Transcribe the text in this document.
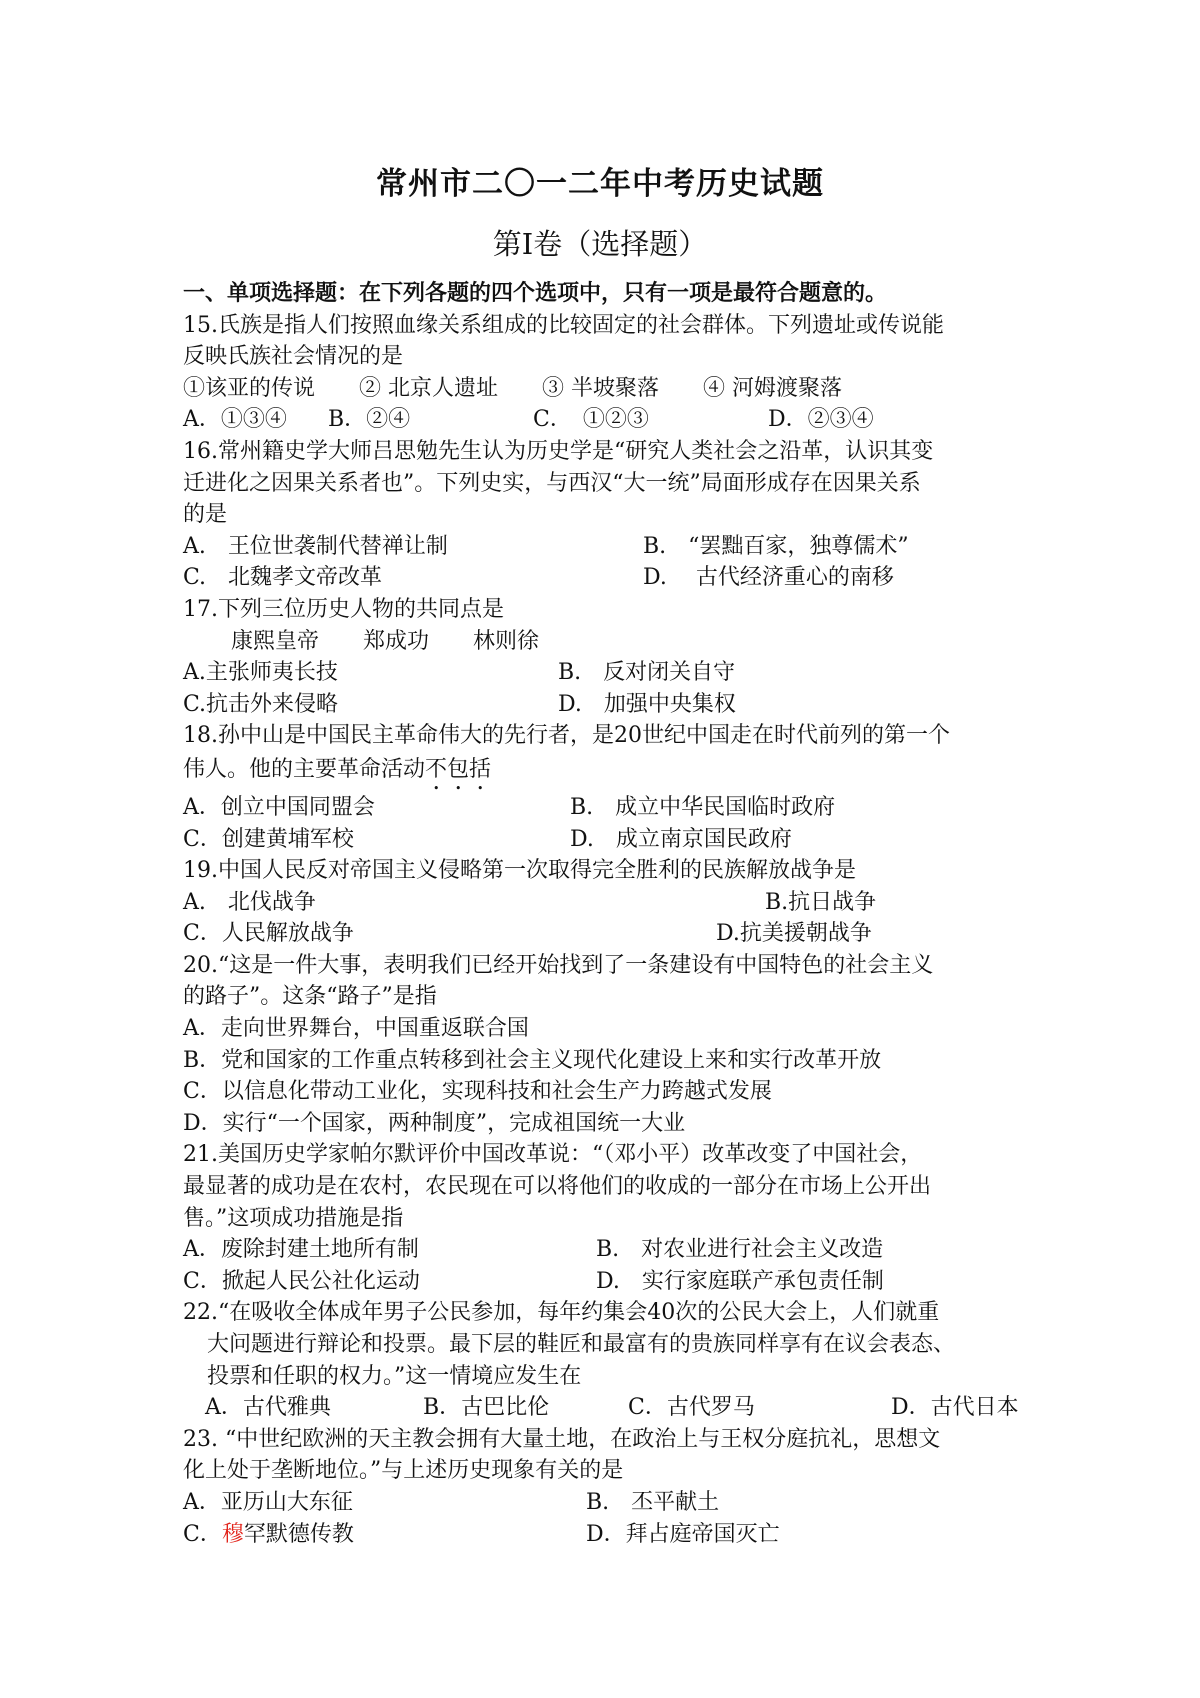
常州市二〇一二年中考历史试题
第Ⅰ卷（选择题）
一、单项选择题：在下列各题的四个选项中，只有一项是最符合题意的。
15.氏族是指人们按照血缘关系组成的比较固定的社会群体。下列遗址或传说能
反映氏族社会情况的是
①该亚的传说　　② 北京人遗址　　③ 半坡聚落　　④ 河姆渡聚落
A．①③④ B．②④	C．　①②③	D．②③④
16.常州籍史学大师吕思勉先生认为历史学是“研究人类社会之沿革，认识其变
迁进化之因果关系者也”。下列史实，与西汉“大一统”局面形成存在因果关系
的是
A.　王位世袭制代替禅让制	B.　“罢黜百家，独尊儒术”
C.　北魏孝文帝改革	D.　 古代经济重心的南移
17.下列三位历史人物的共同点是
康熙皇帝　　郑成功　　林则徐
A.主张师夷长技	B.　反对闭关自守
C.抗击外来侵略	D.　加强中央集权
18.孙中山是中国民主革命伟大的先行者，是20世纪中国走在时代前列的第一个
伟人。他的主要革命活动不包括
A．创立中国同盟会	B.　成立中华民国临时政府
C．创建黄埔军校	D.　成立南京国民政府
19.中国人民反对帝国主义侵略第一次取得完全胜利的民族解放战争是
A.　北伐战争	B.抗日战争
C．人民解放战争	D.抗美援朝战争
20.“这是一件大事，表明我们已经开始找到了一条建设有中国特色的社会主义
的路子”。这条“路子”是指
A．走向世界舞台，中国重返联合国
B．党和国家的工作重点转移到社会主义现代化建设上来和实行改革开放
C．以信息化带动工业化，实现科技和社会生产力跨越式发展
D．实行“一个国家，两种制度”，完成祖国统一大业
21.美国历史学家帕尔默评价中国改革说：“（邓小平）改革改变了中国社会，
最显著的成功是在农村，农民现在可以将他们的收成的一部分在市场上公开出
售。”这项成功措施是指
A．废除封建土地所有制	B.　对农业进行社会主义改造
C．掀起人民公社化运动	D.　实行家庭联产承包责任制
22.“在吸收全体成年男子公民参加，每年约集会40次的公民大会上，人们就重
大问题进行辩论和投票。最下层的鞋匠和最富有的贵族同样享有在议会表态、
投票和任职的权力。”这一情境应发生在
A．古代雅典	B．古巴比伦	C．古代罗马	D．古代日本
23. “中世纪欧洲的天主教会拥有大量土地，在政治上与王权分庭抗礼，思想文
化上处于垄断地位。”与上述历史现象有关的是
A．亚历山大东征	B.　丕平献土
C．穆罕默德传教	D．拜占庭帝国灭亡
